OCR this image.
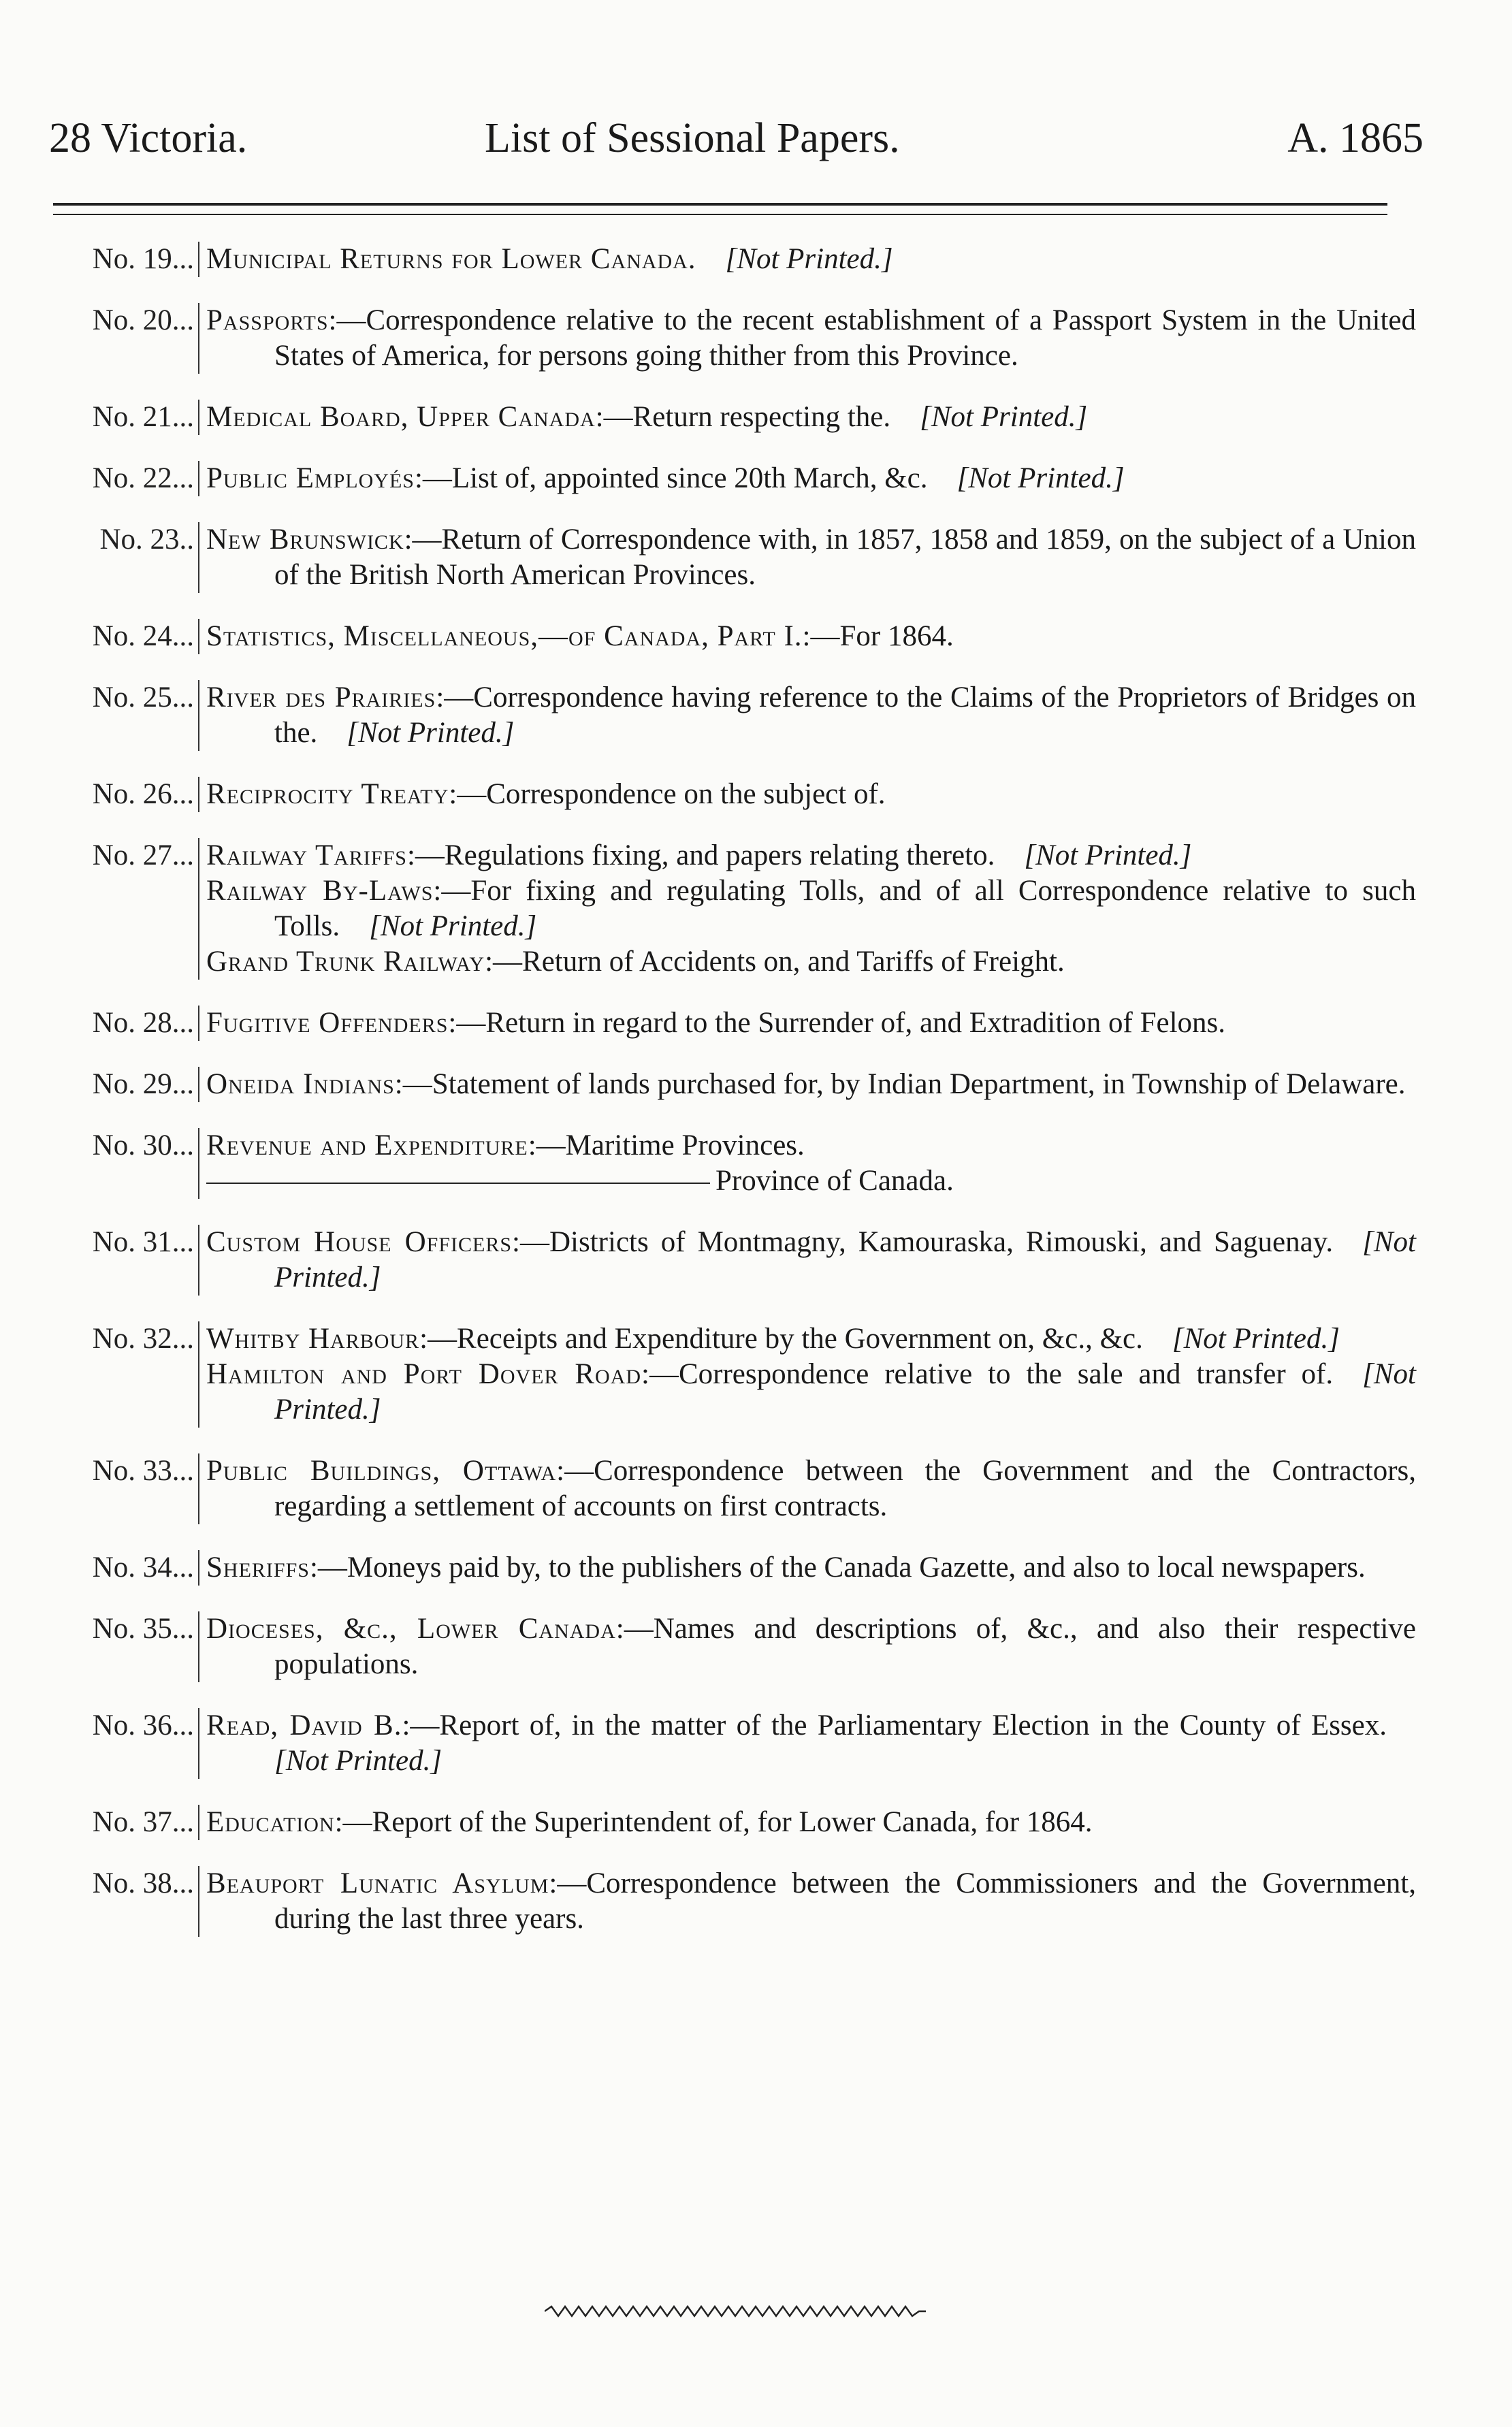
28 Victoria.	List of Sessional Papers.	A. 1865
No. 19... Municipal Returns for Lower Canada.  [Not Printed.]
No. 20... Passports:—Correspondence relative to the recent establishment of a Passport System in the United States of America, for persons going thither from this Province.
No. 21... Medical Board, Upper Canada:—Return respecting the.  [Not Printed.]
No. 22... Public Employés:—List of, appointed since 20th March, &c.  [Not Printed.]
No. 23.. New Brunswick:—Return of Correspondence with, in 1857, 1858 and 1859, on the subject of a Union of the British North American Provinces.
No. 24... Statistics, Miscellaneous,—of Canada, Part I.:—For 1864.
No. 25... River des Prairies:—Correspondence having reference to the Claims of the Proprietors of Bridges on the.  [Not Printed.]
No. 26... Reciprocity Treaty:—Correspondence on the subject of.
No. 27... Railway Tariffs:—Regulations fixing, and papers relating thereto.  [Not Printed.]
Railway By-Laws:—For fixing and regulating Tolls, and of all Correspondence relative to such Tolls.  [Not Printed.]
Grand Trunk Railway:—Return of Accidents on, and Tariffs of Freight.
No. 28... Fugitive Offenders:—Return in regard to the Surrender of, and Extradition of Felons.
No. 29... Oneida Indians:—Statement of lands purchased for, by Indian Department, in Township of Delaware.
No. 30... Revenue and Expenditure:—Maritime Provinces.
Province of Canada.
No. 31... Custom House Officers:—Districts of Montmagny, Kamouraska, Rimouski, and Saguenay.  [Not Printed.]
No. 32... Whitby Harbour:—Receipts and Expenditure by the Government on, &c., &c.  [Not Printed.]
Hamilton and Port Dover Road:—Correspondence relative to the sale and transfer of.  [Not Printed.]
No. 33... Public Buildings, Ottawa:—Correspondence between the Government and the Contractors, regarding a settlement of accounts on first contracts.
No. 34... Sheriffs:—Moneys paid by, to the publishers of the Canada Gazette, and also to local newspapers.
No. 35... Dioceses, &c., Lower Canada:—Names and descriptions of, &c., and also their respective populations.
No. 36... Read, David B.:—Report of, in the matter of the Parliamentary Election in the County of Essex. [Not Printed.]
No. 37... Education:—Report of the Superintendent of, for Lower Canada, for 1864.
No. 38... Beauport Lunatic Asylum:—Correspondence between the Commissioners and the Government, during the last three years.
